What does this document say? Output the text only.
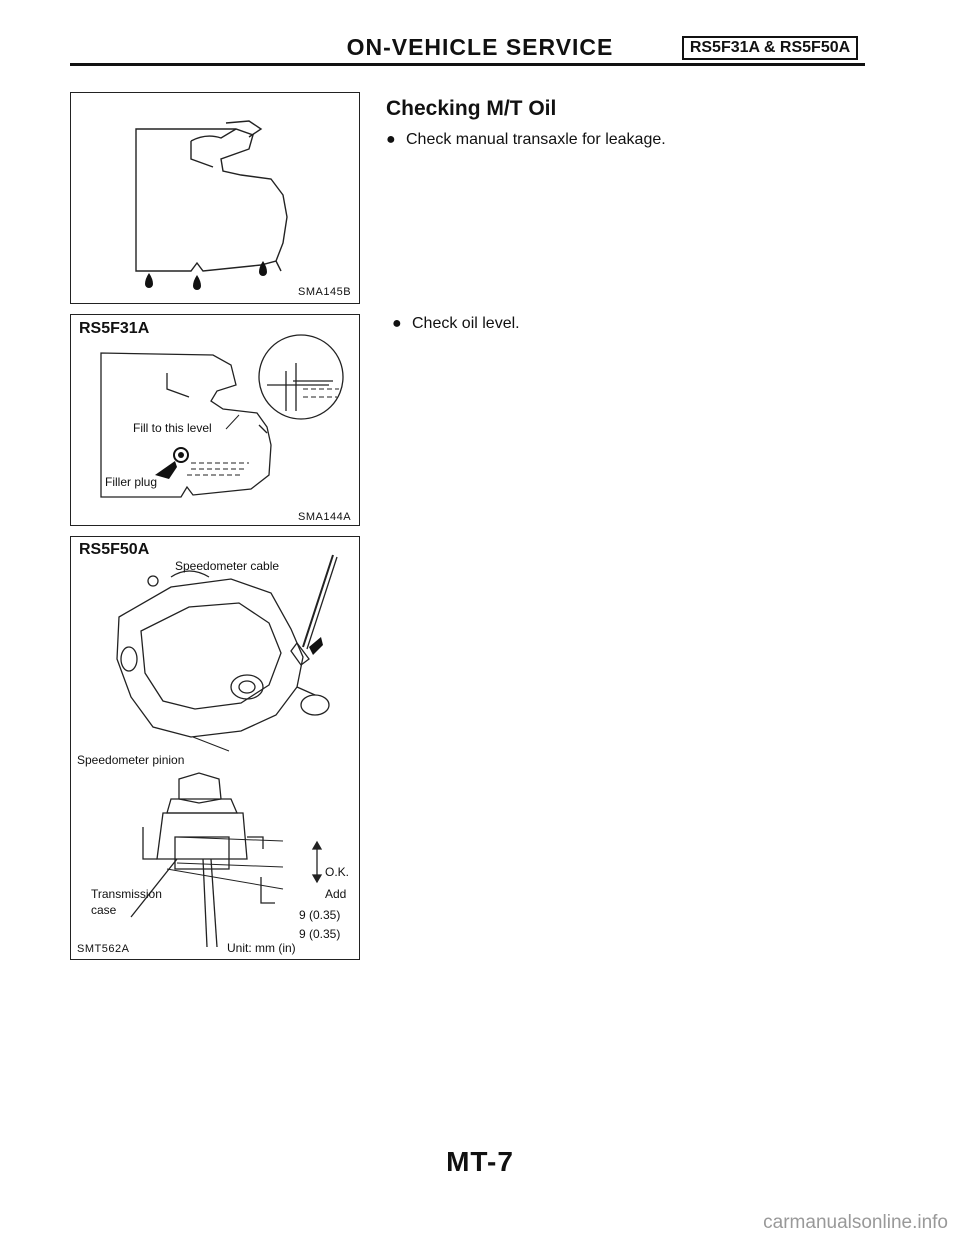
ON-VEHICLE SERVICE	RS5F31A & RS5F50A
SMA145B
RS5F31A
Fill to this level
Filler plug
SMA144A
RS5F50A
Speedometer cable
Speedometer pinion
Transmission
case
O.K.
Add
9 (0.35)
9 (0.35)
Unit: mm (in)
SMT562A
Checking M/T Oil
● Check manual transaxle for leakage.
● Check oil level.
MT-7
carmanualsonline.info
